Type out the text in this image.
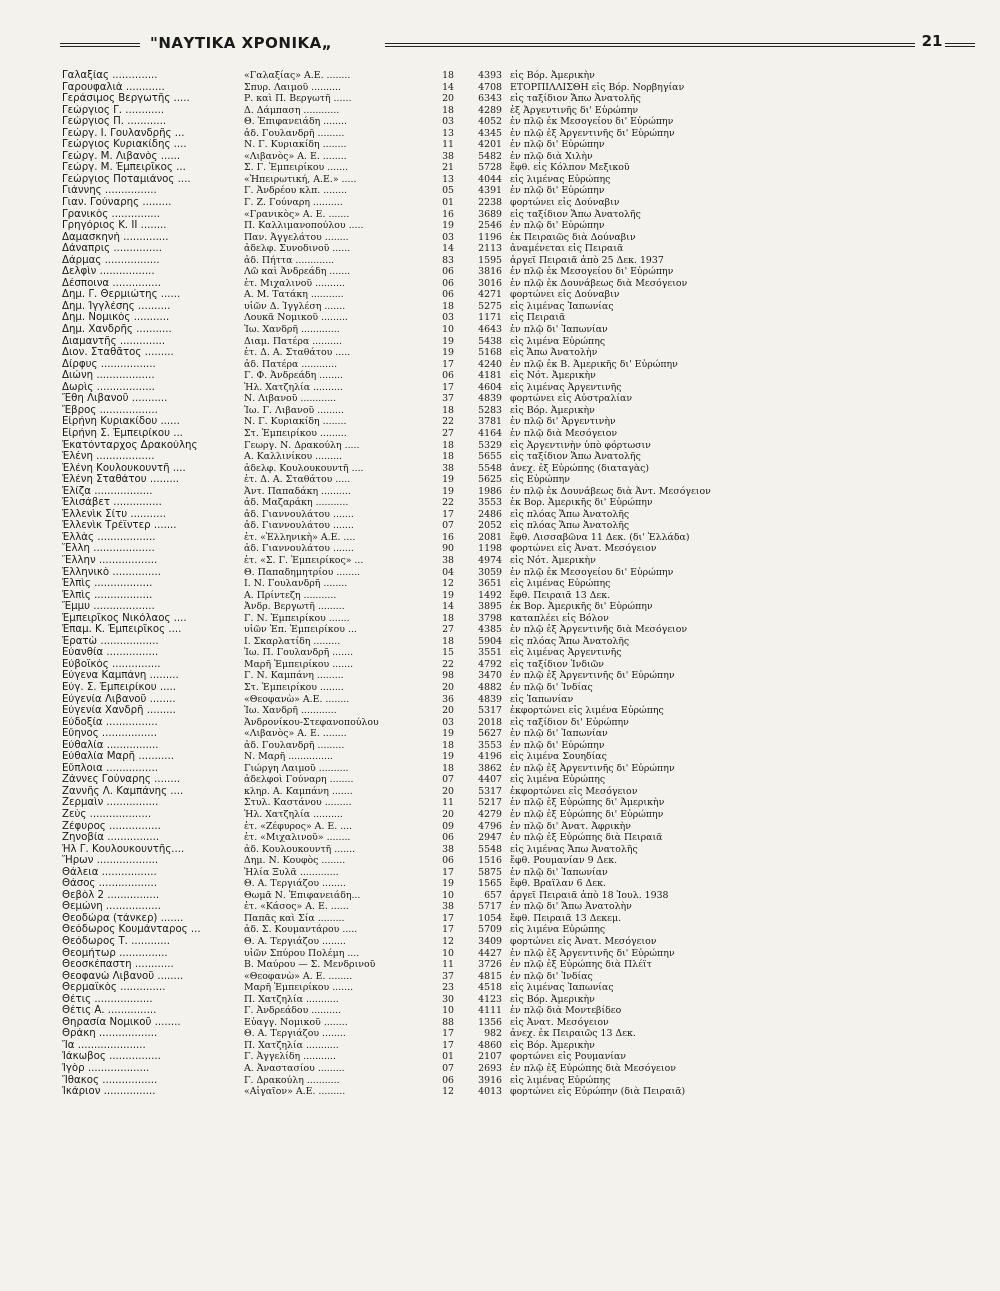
"ΝΑΥΤΙΚΑ ΧΡΟΝΙΚΑ„	21
Γαλαξίας ..............	«Γαλαξίας» Α.Ε. ........	18	4393 εἰς Βόρ. Ἀμερικὴν
Γαρουφαλιὰ ............	Σπυρ. Λαιμοῦ ..........	14	4708 ΕΤΟΡΠΙΛΛΙΣΘΗ εἰς Βόρ. Νορβηγίαν
Γεράσιμος Βεργωτῆς .....	Ρ. καὶ Π. Βεργωτῆ ......	20	6343 εἰς ταξίδιον Ἄπω Ἀνατολῆς
Γεώργιος Γ. ............	Δ. Δάμπαση ............	18	4289 ἐξ Ἀργεντινῆς δι' Εὐρώπην
Γεώργιος Π. ............	Θ. Ἐπιφανειάδη ........	03	4052 ἐν πλῷ ἐκ Μεσογείου δι' Εὐρώπην
Γεώργ. Ι. Γουλανδρῆς ...	ἀδ. Γουλανδρῆ .........	13	4345 ἐν πλῷ ἐξ Ἀργεντινῆς δι' Εὐρώπην
Γεώργιος Κυριακίδης ....	Ν. Γ. Κυριακίδη ........	11	4201 ἐν πλῷ δι' Εὐρώπην
Γεώργ. Μ. Λιβανὸς ......	«Λιβανὸς» Α. Ε. ........	38	5482 ἐν πλῷ διὰ Χιλὴν
Γεώργ. Μ. Ἐμπειρῖκος ...	Σ. Γ. Ἐμπειρίκου .......	21	5728 ἔφθ. εἰς Κόλπον Μεξικοῦ
Γεώργιος Ποταμιάνος ....	«Ἠπειρωτική, Α.Ε.» .....	13	4044 εἰς λιμένας Εὐρώπης
Γιάννης ................	Γ. Ἀνδρέου κλπ. ........	05	4391 ἐν πλῷ δι' Εὐρώπην
Γιαν. Γούναρης .........	Γ. Ζ. Γούναρη ..........	01	2238 φορτώνει εἰς Δούναβιν
Γρανικὸς ...............	«Γρανικὸς» Α. Ε. .......	16	3689 εἰς ταξίδιον Ἄπω Ἀνατολῆς
Γρηγόριος Κ. II ........	Π. Καλλιμανοπούλου .....	19	2546 ἐν πλῷ δι' Εὐρώπην
Δαμασκηνὴ ..............	Παν. Ἀγγελάτου ........	03	1196 ἐκ Πειραιῶς διὰ Δούναβιν
Δάναπρις ...............	ἀδελφ. Συνοδινοῦ ......	14	2113 ἀναμένεται εἰς Πειραιᾶ
Δάρμας .................	ἀδ. Πήττα .............	83	1595 ἀργεῖ Πειραιᾶ ἀπὸ 25 Δεκ. 1937
Δελφὶν .................	Λῶ καὶ Ἀνδρεάδη .......	06	3816 ἐν πλῷ ἐκ Μεσογείου δι' Εὐρώπην
Δέσποινα ...............	ἑτ. Μιχαλινοῦ ..........	06	3016 ἐν πλῷ ἐκ Δουνάβεως διὰ Μεσόγειον
Δημ. Γ. Θερμιώτης ......	Α. Μ. Τατάκη ...........	06	4271 φορτώνει εἰς Δούναβιν
Δημ. Ἰγγλέσης ..........	υἱῶν Δ. Ἰγγλέση .......	18	5275 εἰς λιμένας Ἰαπωνίας
Δημ. Νομικὸς ...........	Λουκᾶ Νομικοῦ .........	03	1171 εἰς Πειραιᾶ
Δημ. Χανδρῆς ...........	Ἰω. Χανδρῆ .............	10	4643 ἐν πλῷ δι' Ἰαπωνίαν
Διαμαντῆς ..............	Διαμ. Πατέρα ..........	19	5438 εἰς λιμένα Εὐρώπης
Διον. Σταθᾶτος .........	ἑτ. Δ. Α. Σταθάτου .....	19	5168 εἰς Ἄπω Ἀνατολὴν
Δίρφυς .................	ἀδ. Πατέρα ............	17	4240 ἐν πλῷ ἐκ Β. Ἀμερικῆς δι' Εὐρώπην
Διώνη ..................	Γ. Φ. Ἀνδρεάδη ........	06	4181 εἰς Νότ. Ἀμερικὴν
Δωρὶς ..................	Ἠλ. Χατζηλία ..........	17	4604 εἰς λιμένας Ἀργεντινῆς
Ἔθη Λιβανοῦ ...........	Ν. Λιβανοῦ ............	37	4839 φορτώνει εἰς Αὐστραλίαν
Ἔβρος ..................	Ἰω. Γ. Λιβανοῦ .........	18	5283 εἰς Βόρ. Ἀμερικὴν
Εἰρήνη Κυριακίδου ......	Ν. Γ. Κυριακίδη ........	22	3781 ἐν πλῷ δι' Ἀργεντινὴν
Εἰρήνη Σ. Ἐμπειρίκου ...	Στ. Ἐμπειρίκου .........	27	4164 ἐν πλῷ διὰ Μεσόγειον
Ἑκατόνταρχος Δρακούλης	Γεωργ. Ν. Δρακούλη .....	18	5329 εἰς Ἀργεντινὴν ὑπὸ φόρτωσιν
Ἑλένη ..................	Α. Καλλινίκου .........	18	5655 εἰς ταξίδιον Ἄπω Ἀνατολῆς
Ἑλένη Κουλουκουντῆ ....	ἀδελφ. Κουλουκουντῆ ....	38	5548 ἀνεχ. ἐξ Εὐρώπης (διαταγὰς)
Ἑλένη Σταθάτου .........	ἑτ. Δ. Α. Σταθάτου .....	19	5625 εἰς Εὐρώπην
Ἐλίζα ..................	Ἀντ. Παπαδάκη ..........	19	1986 ἐν πλῷ ἐκ Δουνάβεως διὰ Ἀντ. Μεσόγειον
Ἐλισάβετ ...............	ἀδ. Μαζαράκη ...........	22	3553 ἐκ Βορ. Ἀμερικῆς δι' Εὐρώπην
Ἑλλενὶκ Σίτυ ...........	ἀδ. Γιαννουλάτου .......	17	2486 εἰς πλόας Ἄπω Ἀνατολῆς
Ἑλλενὶκ Τρέϊντερ .......	ἀδ. Γιαννουλάτου .......	07	2052 εἰς πλόας Ἄπω Ἀνατολῆς
Ἑλλὰς ..................	ἑτ. «Ἑλληνικὴ» Α.Ε. ....	16	2081 ἔφθ. Λισσαβῶνα 11 Δεκ. (δι' Ἑλλάδα)
Ἕλλη ...................	ἀδ. Γιαννουλάτου .......	90	1198 φορτώνει εἰς Ἀνατ. Μεσόγειον
Ἕλλην ..................	ἑτ. «Σ. Γ. Ἐμπειρίκος» ...	38	4974 εἰς Νότ. Ἀμερικὴν
Ἑλληνικὸ ...............	Θ. Παπαδημητρίου ........	04	3059 ἐν πλῷ ἐκ Μεσογείου δι' Εὐρώπην
Ἐλπὶς ..................	Ι. Ν. Γουλανδρῆ ........	12	3651 εἰς λιμένας Εὐρώπης
Ἐλπὶς ..................	Α. Πρίντεζη ...........	19	1492 ἔφθ. Πειραιᾶ 13 Δεκ.
Ἔμμυ ...................	Ἀνδρ. Βεργωτῆ .........	14	3895 ἐκ Βορ. Ἀμερικῆς δι' Εὐρώπην
Ἐμπειρῖκος Νικόλαος ....	Γ. Ν. Ἐμπειρίκου .......	18	3798 καταπλέει εἰς Βόλον
Ἐπαμ. Κ. Ἐμπειρῖκος ....	υἱῶν Ἐπ. Ἐμπειρίκου ...	27	4385 ἐν πλῷ ἐξ Ἀργεντινῆς διὰ Μεσόγειον
Ἐρατὼ ..................	Ι. Σκαρλατίδη .........	18	5904 εἰς πλόας Ἄπω Ἀνατολῆς
Εὐανθία ................	Ἰω. Π. Γουλανδρῆ .......	15	3551 εἰς λιμένας Ἀργεντινῆς
Εὐβοϊκὸς ...............	Μαρῆ Ἐμπειρίκου .......	22	4792 εἰς ταξίδιον Ἰνδιῶν
Εὐγενα Καμπάνη .........	Γ. Ν. Καμπάνη .........	98	3470 ἐν πλῷ ἐξ Ἀργεντινῆς δι' Εὐρώπην
Εὐγ. Σ. Ἐμπειρίκου .....	Στ. Ἐμπειρίκου ........	20	4882 ἐν πλῷ δι' Ἰνδίας
Εὐγενία Λιβανοῦ ........	«Θεοφανὼ» Α.Ε. ........	36	4839 εἰς Ἰαπωνίαν
Εὐγενία Χανδρῆ .........	Ἰω. Χανδρῆ ............	20	5317 ἐκφορτώνει εἰς λιμένα Εὐρώπης
Εὐδοξία ................	Ἀνδρονίκου-Στεφανοπούλου	03	2018 εἰς ταξίδιον δι' Εὐρώπην
Εὔηνος .................	«Λιβανὸς» Α. Ε. ........	19	5627 ἐν πλῷ δι' Ἰαπωνίαν
Εὐθαλία ................	ἀδ. Γουλανδρῆ .........	18	3553 ἐν πλῷ δι' Εὐρώπην
Εὐθαλία Μαρῆ ...........	Ν. Μαρῆ ...............	19	4196 εἰς λιμένα Σουηδίας
Εὔπλοια ................	Γιώργη Λαιμοῦ ..........	18	3862 ἐν πλῷ ἐξ Ἀργεντινῆς δι' Εὐρώπην
Ζάννες Γούναρης ........	ἀδελφοὶ Γούναρη ........	07	4407 εἰς λιμένα Εὐρώπης
Ζαννῆς Λ. Καμπάνης ....	κληρ. Α. Καμπάνη .......	20	5317 ἐκφορτώνει εἰς Μεσόγειον
Ζερμαὶν ................	Στυλ. Καστάνου .........	11	5217 ἐν πλῷ ἐξ Εὐρώπης δι' Ἀμερικὴν
Ζεὺς ...................	Ἠλ. Χατζηλία ..........	20	4279 ἐν πλῷ ἐξ Εὐρώπης δι' Εὐρώπην
Ζέφυρος ................	ἑτ. «Ζέφυρος» Α. Ε. ....	09	4796 ἐν πλῷ δι' Ἀνατ. Ἀφρικὴν
Ζηνοβία ................	ἑτ. «Μιχαλινοῦ» ........	06	2947 ἐν πλῷ ἐξ Εὐρώπης διὰ Πειραιᾶ
Ἠλ Γ. Κουλουκουντῆς....	ἀδ. Κουλουκουντῆ .......	38	5548 εἰς λιμένας Ἄπω Ἀνατολῆς
Ἥρων ...................	Δημ. Ν. Κουφὸς ........	06	1516 ἔφθ. Ρουμανίαν 9 Δεκ.
Θάλεια .................	Ἠλία Ξυλᾶ .............	17	5875 ἐν πλῷ δι' Ἰαπωνίαν
Θάσος ..................	Θ. Α. Τεργιάζου ........	19	1565 ἔφθ. Βραΐλαν 6 Δεκ.
Θεβὸλ 2 ................	Θωμᾶ Ν. Ἐπιφανειάδη...	10	657 ἀργεῖ Πειραιᾶ ἀπὸ 18 Ἰουλ. 1938
Θεμώνη .................	ἑτ. «Κάσος» Α. Ε. ......	38	5717 ἐν πλῷ δι' Ἄπω Ἀνατολὴν
Θεοδώρα (τάνκερ) .......	Παπᾶς καὶ Σία .........	17	1054 ἔφθ. Πειραιᾶ 13 Δεκεμ.
Θεόδωρος Κουμάνταρος ...	ἀδ. Σ. Κουμαντάρου .....	17	5709 εἰς λιμένα Εὐρώπης
Θεόδωρος Τ. ............	Θ. Α. Τεργιάζου ........	12	3409 φορτώνει εἰς Ἀνατ. Μεσόγειον
Θεομήτωρ ...............	υἱῶν Σπύρου Πολέμη ....	10	4427 ἐν πλῷ ἐξ Ἀργεντινῆς δι' Εὐρώπην
Θεοσκέπαστη ............	Β. Μαύρου — Σ. Μενδρινοῦ	11	3726 ἐν πλῷ ἐξ Εὐρώπης διὰ Πλέϊτ
Θεοφανὼ Λιβανοῦ ........	«Θεοφανὼ» Α. Ε. ........	37	4815 ἐν πλῷ δι' Ἰνδίας
Θερμαϊκὸς ..............	Μαρῆ Ἐμπειρίκου .......	23	4518 εἰς λιμένας Ἰαπωνίας
Θέτις ..................	Π. Χατζηλία ...........	30	4123 εἰς Βόρ. Ἀμερικὴν
Θέτις Α. ...............	Γ. Ἀνδρεάδου ..........	10	4111 ἐν πλῷ διὰ Μοντεβίδεο
Θηρασία Νομικοῦ ........	Εὐαγγ. Νομικοῦ ........	88	1356 εἰς Ἀνατ. Μεσόγειον
Θράκη ..................	Θ. Α. Τεργιάζου ........	17	982 ἀνεχ. ἐκ Πειραιῶς 13 Δεκ.
Ἴα .....................	Π. Χατζηλία ...........	17	4860 εἰς Βόρ. Ἀμερικὴν
Ἰάκωβος ................	Γ. Ἀγγελίδη ...........	01	2107 φορτώνει εἰς Ρουμανίαν
Ἰγὸρ ...................	Α. Ἀναστασίου .........	07	2693 ἐν πλῷ ἐξ Εὐρώπης διὰ Μεσόγειον
Ἴθακος .................	Γ. Δρακούλη ...........	06	3916 εἰς λιμένας Εὐρώπης
Ἰκάριον ................	«Αἰγαῖον» Α.Ε. .........	12	4013 φορτώνει εἰς Εὐρώπην (διὰ Πειραιᾶ)
